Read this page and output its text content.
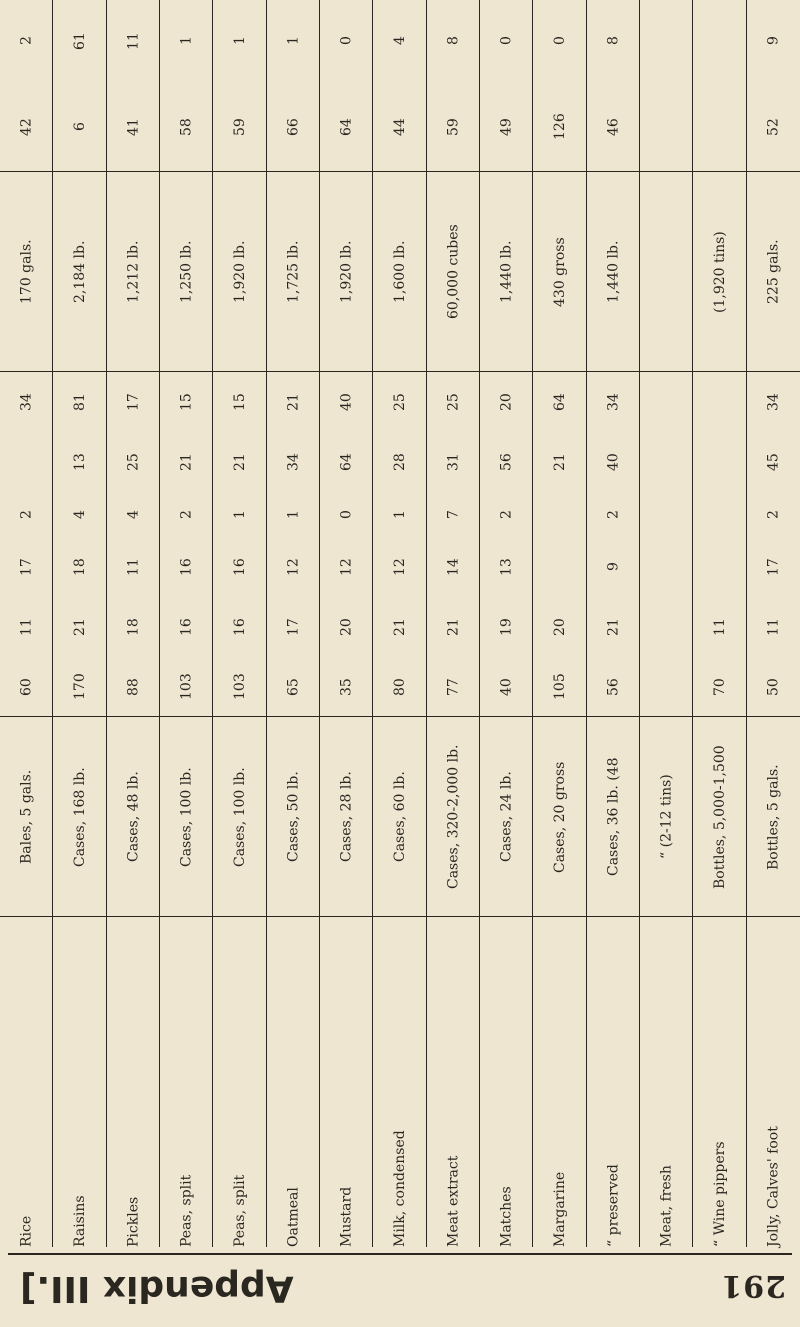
291
Appendix III.]
Jolly, Calves' foot
Bottles, 5 gals.
50
11
17
2
45
34
225 gals.
52
9
“ Wine pippers
Bottles, 5,000-1,500
70
11
(1,920 tins)
Meat, fresh
“ (2-12 tins)
“ preserved
Cases, 36 lb. (48
56
21
9
2
40
34
1,440 lb.
46
8
Margarine
Cases, 20 gross
105
20
21
64
430 gross
126
0
Matches
Cases, 24 lb.
40
19
13
2
56
20
1,440 lb.
49
0
Meat extract
Cases, 320-2,000 lb.
77
21
14
7
31
25
60,000 cubes
59
8
Milk, condensed
Cases, 60 lb.
80
21
12
1
28
25
1,600 lb.
44
4
Mustard
Cases, 28 lb.
35
20
12
0
64
40
1,920 lb.
64
0
Oatmeal
Cases, 50 lb.
65
17
12
1
34
21
1,725 lb.
66
1
Peas, split
Cases, 100 lb.
103
16
16
1
21
15
1,920 lb.
59
1
Peas, split
Cases, 100 lb.
103
16
16
2
21
15
1,250 lb.
58
1
Pickles
Cases, 48 lb.
88
18
11
4
25
17
1,212 lb.
41
11
Raisins
Cases, 168 lb.
170
21
18
4
13
81
2,184 lb.
6
61
Rice
Bales, 5 gals.
60
11
17
2
34
170 gals.
42
2
